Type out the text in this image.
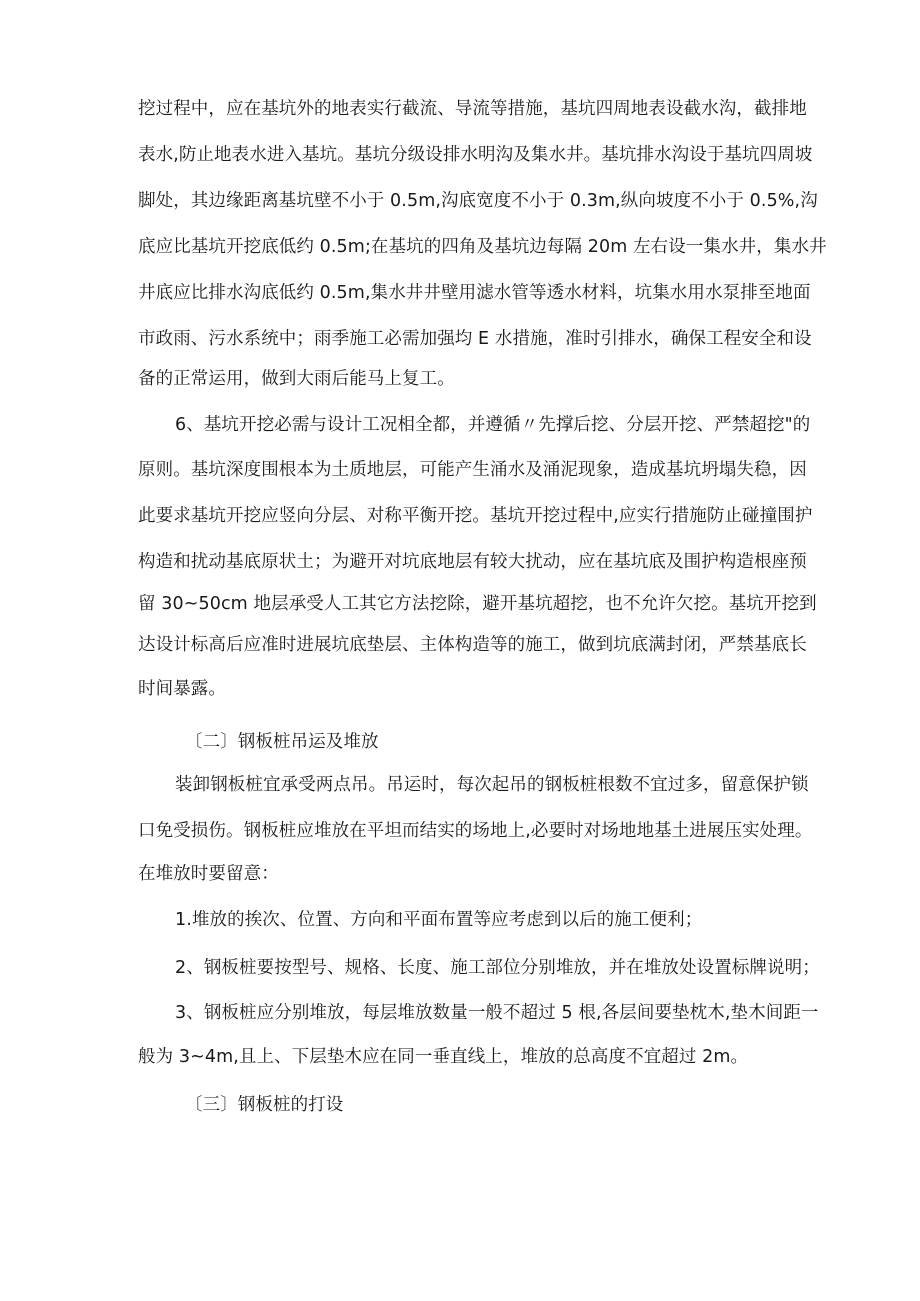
挖过程中，应在基坑外的地表实行截流、导流等措施，基坑四周地表设截水沟，截排地
表水,防止地表水进入基坑。基坑分级设排水明沟及集水井。基坑排水沟设于基坑四周坡
脚处，其边缘距离基坑壁不小于 0.5m,沟底宽度不小于 0.3m,纵向坡度不小于 0.5%,沟
底应比基坑开挖底低约 0.5m;在基坑的四角及基坑边每隔 20m 左右设一集水井，集水井
井底应比排水沟底低约 0.5m,集水井井壁用滤水管等透水材料，坑集水用水泵排至地面
市政雨、污水系统中；雨季施工必需加强均 E 水措施，准时引排水，确保工程安全和设
备的正常运用，做到大雨后能马上复工。
6、基坑开挖必需与设计工况相全都，并遵循〃先撑后挖、分层开挖、严禁超挖"的
原则。基坑深度围根本为土质地层，可能产生涌水及涌泥现象，造成基坑坍塌失稳，因
此要求基坑开挖应竖向分层、对称平衡开挖。基坑开挖过程中,应实行措施防止碰撞围护
构造和扰动基底原状土；为避开对坑底地层有较大扰动，应在基坑底及围护构造根座预
留 30~50cm 地层承受人工其它方法挖除，避开基坑超挖，也不允许欠挖。基坑开挖到
达设计标高后应准时进展坑底垫层、主体构造等的施工，做到坑底满封闭，严禁基底长
时间暴露。
〔二〕钢板桩吊运及堆放
装卸钢板桩宜承受两点吊。吊运时，每次起吊的钢板桩根数不宜过多，留意保护锁
口免受损伤。钢板桩应堆放在平坦而结实的场地上,必要时对场地地基土进展压实处理。
在堆放时要留意：
1.堆放的挨次、位置、方向和平面布置等应考虑到以后的施工便利；
2、钢板桩要按型号、规格、长度、施工部位分别堆放，并在堆放处设置标牌说明；
3、钢板桩应分别堆放，每层堆放数量一般不超过 5 根,各层间要垫枕木,垫木间距一
般为 3~4m,且上、下层垫木应在同一垂直线上，堆放的总高度不宜超过 2m。
〔三〕钢板桩的打设
